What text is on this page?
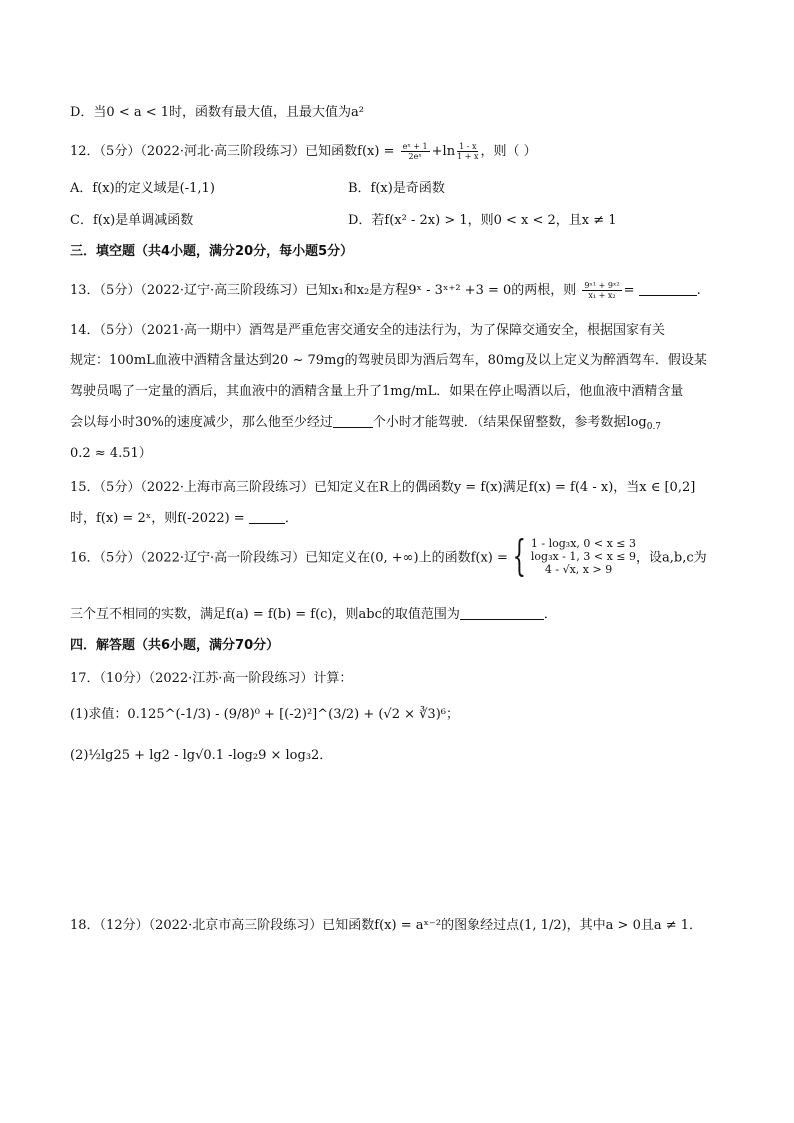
D．当0 < a < 1时，函数有最大值，且最大值为a²
12．（5分）（2022·河北·高三阶段练习）已知函数$f(x) = \frac{\text{eˣ + 1}}{\text{2eˣ}} +\ln \frac{1 - x}{1 + x}$ ，则（ ）
A．f(x)的定义域是(-1,1)	B．f(x)是奇函数
C．f(x)是单调减函数	D．若f(x² - 2x) > 1，则0 < x < 2，且x ≠ 1
三．填空题（共4小题，满分20分，每小题5分）
13．（5分）（2022·辽宁·高三阶段练习）已知x₁和x₂是方程9ˣ - 3ˣ⁺² +3 = 0的两根，则 $\frac{\text{9ˣ¹ + 9ˣ²}}{\text{x₁ + x₂}}$ =	.
14．（5分）（2021·高一期中）酒驾是严重危害交通安全的违法行为，为了保障交通安全，根据国家有关
规定：100mL血液中酒精含量达到20 ~ 79mg的驾驶员即为酒后驾车，80mg及以上定义为醉酒驾车．假设某
驾驶员喝了一定量的酒后，其血液中的酒精含量上升了1mg/mL．如果在停止喝酒以后，他血液中酒精含量
会以每小时30%的速度减少，那么他至少经过	个小时才能驾驶．（结果保留整数，参考数据$\log_{0.7}$
0.2 ≈ 4.51）
15．（5分）（2022·上海市高三阶段练习）已知定义在R上的偶函数y = f(x)满足f(x) = f(4 - x)，当x ∈ [0,2]
时，f(x) = 2ˣ，则f(-2022) =	．
16．（5分）（2022·辽宁·高一阶段练习）已知定义在(0, +∞)上的函数f(x) = { 1 - log₃x, 0 < x ≤ 3
log₃x - 1, 3 < x ≤ 9
4 - √x, x > 9
，设a,b,c为
三个互不相同的实数，满足f(a) = f(b) = f(c)，则abc的取值范围为	．
四．解答题（共6小题，满分70分）
17．（10分）（2022·江苏·高一阶段练习）计算：
(1)求值：0.125^(-1/3) - (9/8)⁰ + [(-2)²]^(3/2) + (√2 × ∛3)⁶；
(2)½lg25 + lg2 - lg√0.1 -log₂9 × log₃2．
18．（12分）（2022·北京市高三阶段练习）已知函数f(x) = aˣ⁻²的图象经过点(1, 1/2)，其中a > 0且a ≠ 1．
